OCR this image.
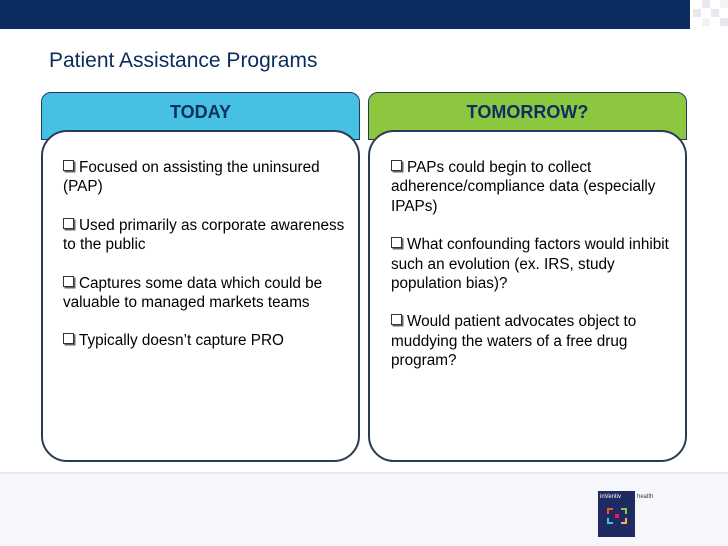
Patient Assistance Programs
TODAY
Focused on assisting the uninsured (PAP)
Used primarily as corporate awareness to the public
Captures some data which could be valuable to managed markets teams
Typically doesn’t capture PRO
TOMORROW?
PAPs could begin to collect adherence/compliance data (especially IPAPs)
What confounding factors would inhibit such an evolution (ex. IRS, study population bias)?
Would patient advocates object to muddying the waters of a free drug program?
inVentiv	health
